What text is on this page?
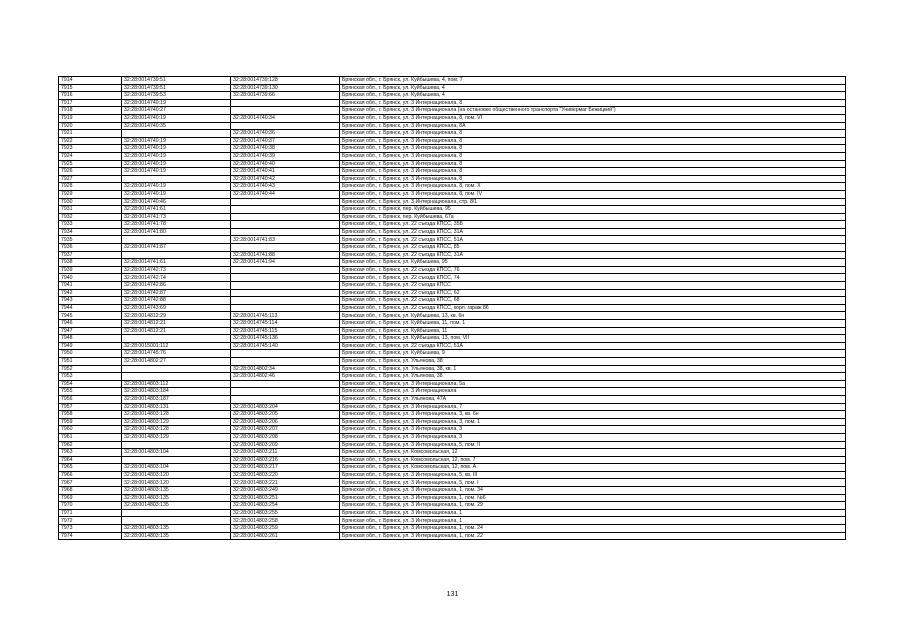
7914	32:28:0014739:51	32:28:0014739:128	Брянская обл., г. Брянск, ул. Куйбышева, 4, пом. 7
7915	32:28:0014739:51	32:28:0014739:130	Брянская обл., г. Брянск, ул. Куйбышева, 4
7916	32:28:0014739:53	32:28:0014739:66	Брянская обл., г. Брянск, ул. Куйбышева, 4
7917	32:28:0014740:19		Брянская обл., г. Брянск, ул. 3 Интернационала, 8
7918	32:28:0014740:27		Брянская обл., г. Брянск, ул. 3 Интернационала (на остановке общественного транспорта "Универмаг Бежицкий")
7919	32:28:0014740:19	32:28:0014740:34	Брянская обл., г. Брянск, ул. 3 Интернационала, 8, пом. VI
7920	32:28:0014740:35		Брянская обл., г. Брянск, ул. 3 Интернационала, 8А
7921		32:28:0014740:36	Брянская обл., г. Брянск, ул. 3 Интернационала, 8
7922	32:28:0014740:19	32:28:0014740:37	Брянская обл., г. Брянск, ул. 3 Интернационала, 8
7923	32:28:0014740:19	32:28:0014740:38	Брянская обл., г. Брянск, ул. 3 Интернационала, 8
7924	32:28:0014740:19	32:28:0014740:39	Брянская обл., г. Брянск, ул. 3 Интернационала, 8
7925	32:28:0014740:19	32:28:0014740:40	Брянская обл., г. Брянск, ул. 3 Интернационала, 8
7926	32:28:0014740:19	32:28:0014740:41	Брянская обл., г. Брянск, ул. 3 Интернационала, 8
7927		32:28:0014740:42	Брянская обл., г. Брянск, ул. 3 Интернационала, 8
7928	32:28:0014740:19	32:28:0014740:43	Брянская обл., г. Брянск, ул. 3 Интернационала, 8, пом. X
7929	32:28:0014740:19	32:28:0014740:44	Брянская обл., г. Брянск, ул. 3 Интернационала, 8, пом. IV
7930	32:28:0014740:46		Брянская обл., г. Брянск, ул. 3 Интернационала, стр. 8/1
7931	32:28:0014741:61		Брянская обл., г. Брянск, пер. Куйбышева, 95
7932	32:28:0014741:73		Брянская обл., г. Брянск, пер. Куйбышева, 67а
7933	32:28:0014741:78		Брянская обл., г. Брянск, ул. 22 съезда КПСС, 35Б
7934	32:28:0014741:80		Брянская обл., г. Брянск, ул. 22 съезда КПСС, 31А
7935		32:28:0014741:83	Брянская обл., г. Брянск, ул. 22 съезда КПСС, 51А
7936	32:28:0014741:87		Брянская обл., г. Брянск, ул. 22 съезда КПСС, 85
7937		32:28:0014741:88	Брянская обл., г. Брянск, ул. 22 съезда КПСС, 31А
7938	32:28:0014741:61	32:28:0014741:94	Брянская обл., г. Брянск, ул. Куйбышева, 95
7939	32:28:0014742:73		Брянская обл., г. Брянск, ул. 22 съезда КПСС, 76
7940	32:28:0014742:74		Брянская обл., г. Брянск, ул. 22 съезда КПСС, 74
7941	32:28:0014742:86		Брянская обл., г. Брянск, ул. 22 съезда КПСС
7942	32:28:0014742:87		Брянская обл., г. Брянск, ул. 22 съезда КПСС, 62
7943	32:28:0014742:88		Брянская обл., г. Брянск, ул. 22 съезда КПСС, 68
7944	32:28:0014743:69		Брянская обл., г. Брянск, ул. 22 съезда КПСС, корп. гараж 86
7945	32:28:0014812:29	32:28:0014745:113	Брянская обл., г. Брянск, ул. Куйбышева, 13, кв. 6н
7946	32:28:0014812:21	32:28:0014745:114	Брянская обл., г. Брянск, ул. Куйбышева, 11, пом. 1
7947	32:28:0014812:21	32:28:0014745:115	Брянская обл., г. Брянск, ул. Куйбышева, 11
7948		32:28:0014745:136	Брянская обл., г. Брянск, ул. Куйбышева, 13, пом. VII
7949	32:28:0015001:112	32:28:0014745:140	Брянская обл., г. Брянск, ул. 22 съезда КПСС, 51А
7950	32:28:0014745:76		Брянская обл., г. Брянск, ул. Куйбышева, 9
7951	32:28:0014802:27		Брянская обл., г. Брянск, ул. Ульянова, 38
7952		32:28:0014802:34	Брянская обл., г. Брянск, ул. Ульянова, 38, кв. 1
7953		32:28:0014802:46	Брянская обл., г. Брянск, ул. Ульянова, 38
7954	32:28:0014803:112		Брянская обл., г. Брянск, ул. 3 Интернационала, 5а
7955	32:28:0014803:184		Брянская обл., г. Брянск, ул. 3 Интернационала
7956	32:28:0014803:187		Брянская обл., г. Брянск, ул. Ульянова, 47А
7957	32:28:0014803:131	32:28:0014803:204	Брянская обл., г. Брянск, ул. 3 Интернационала, 7
7958	32:28:0014803:128	32:28:0014803:205	Брянская обл., г. Брянск, ул. 3 Интернационала, 3, кв. 6н
7959	32:28:0014803:129	32:28:0014803:206	Брянская обл., г. Брянск, ул. 3 Интернационала, 3, пом. 1
7960	32:28:0014803:128	32:28:0014803:207	Брянская обл., г. Брянск, ул. 3 Интернационала, 3
7961	32:28:0014803:129	32:28:0014803:208	Брянская обл., г. Брянск, ул. 3 Интернационала, 3
7962		32:28:0014803:209	Брянская обл., г. Брянск, ул. 3 Интернационала, 5, пом. II
7963	32:28:0014803:104	32:28:0014803:211	Брянская обл., г. Брянск, ул. Комсомольская, 12
7964		32:28:0014803:216	Брянская обл., г. Брянск, ул. Комсомольская, 12, пом. 7
7965	32:28:0014803:104	32:28:0014803:217	Брянская обл., г. Брянск, ул. Комсомольская, 12, пом. А
7966	32:28:0014803:120	32:28:0014803:220	Брянская обл., г. Брянск, ул. 3 Интернационала, 5, кв. III
7967	32:28:0014803:120	32:28:0014803:221	Брянская обл., г. Брянск, ул. 3 Интернационала, 5, пом. I
7968	32:28:0014803:135	32:28:0014803:249	Брянская обл., г. Брянск, ул. 3 Интернационала, 1, пом. 34
7969	32:28:0014803:135	32:28:0014803:251	Брянская обл., г. Брянск, ул. 3 Интернационала, 1, пом. №6
7970	32:28:0014803:135	32:28:0014803:254	Брянская обл., г. Брянск, ул. 3 Интернационала, 1, пом. 29
7971		32:28:0014803:255	Брянская обл., г. Брянск, ул. 3 Интернационала, 1
7972		32:28:0014803:258	Брянская обл., г. Брянск, ул. 3 Интернационала, 1
7973	32:28:0014803:135	32:28:0014803:259	Брянская обл., г. Брянск, ул. 3 Интернационала, 1, пом. 24
7974	32:28:0014803:135	32:28:0014803:261	Брянская обл., г. Брянск, ул. 3 Интернационала, 1, пом. 22
131
